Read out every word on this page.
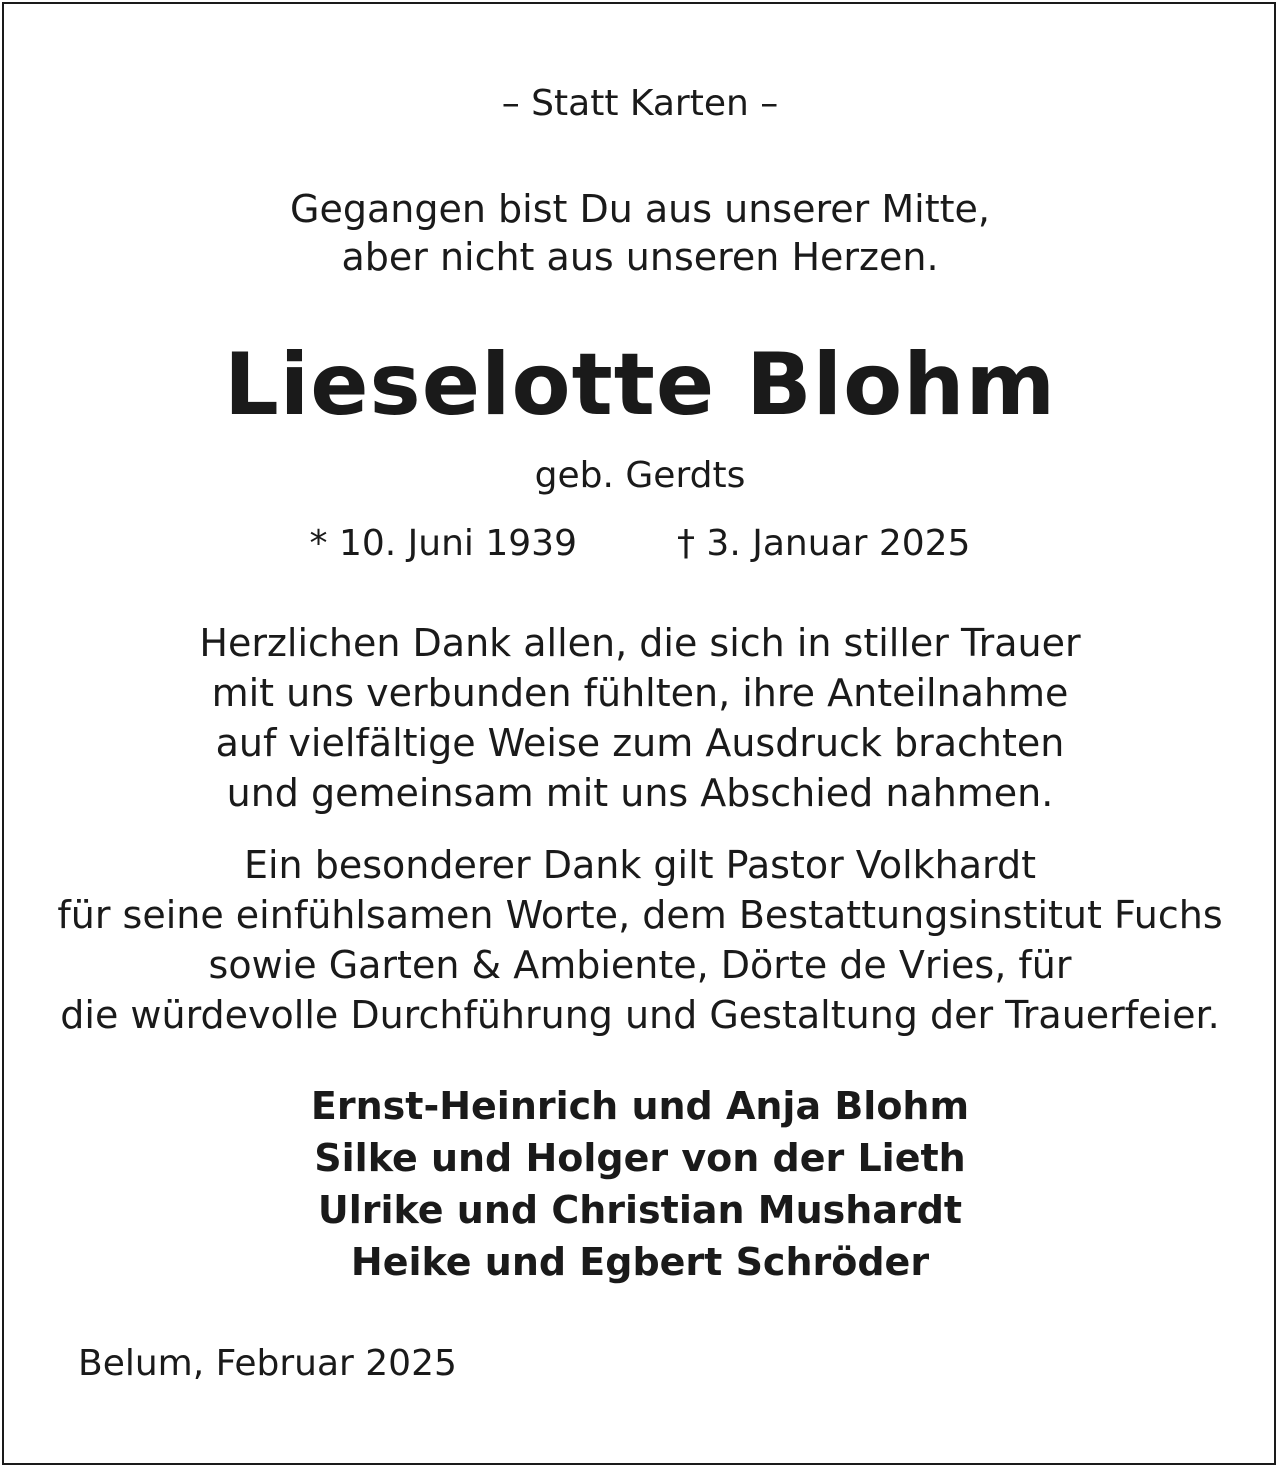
– Statt Karten –
Gegangen bist Du aus unserer Mitte,
aber nicht aus unseren Herzen.
Lieselotte Blohm
geb. Gerdts
* 10. Juni 1939	† 3. Januar 2025
Herzlichen Dank allen, die sich in stiller Trauer
mit uns verbunden fühlten, ihre Anteilnahme
auf vielfältige Weise zum Ausdruck brachten
und gemeinsam mit uns Abschied nahmen.
Ein besonderer Dank gilt Pastor Volkhardt
für seine einfühlsamen Worte, dem Bestattungsinstitut Fuchs
sowie Garten & Ambiente, Dörte de Vries, für
die würdevolle Durchführung und Gestaltung der Trauerfeier.
Ernst-Heinrich und Anja Blohm
Silke und Holger von der Lieth
Ulrike und Christian Mushardt
Heike und Egbert Schröder
Belum, Februar 2025
